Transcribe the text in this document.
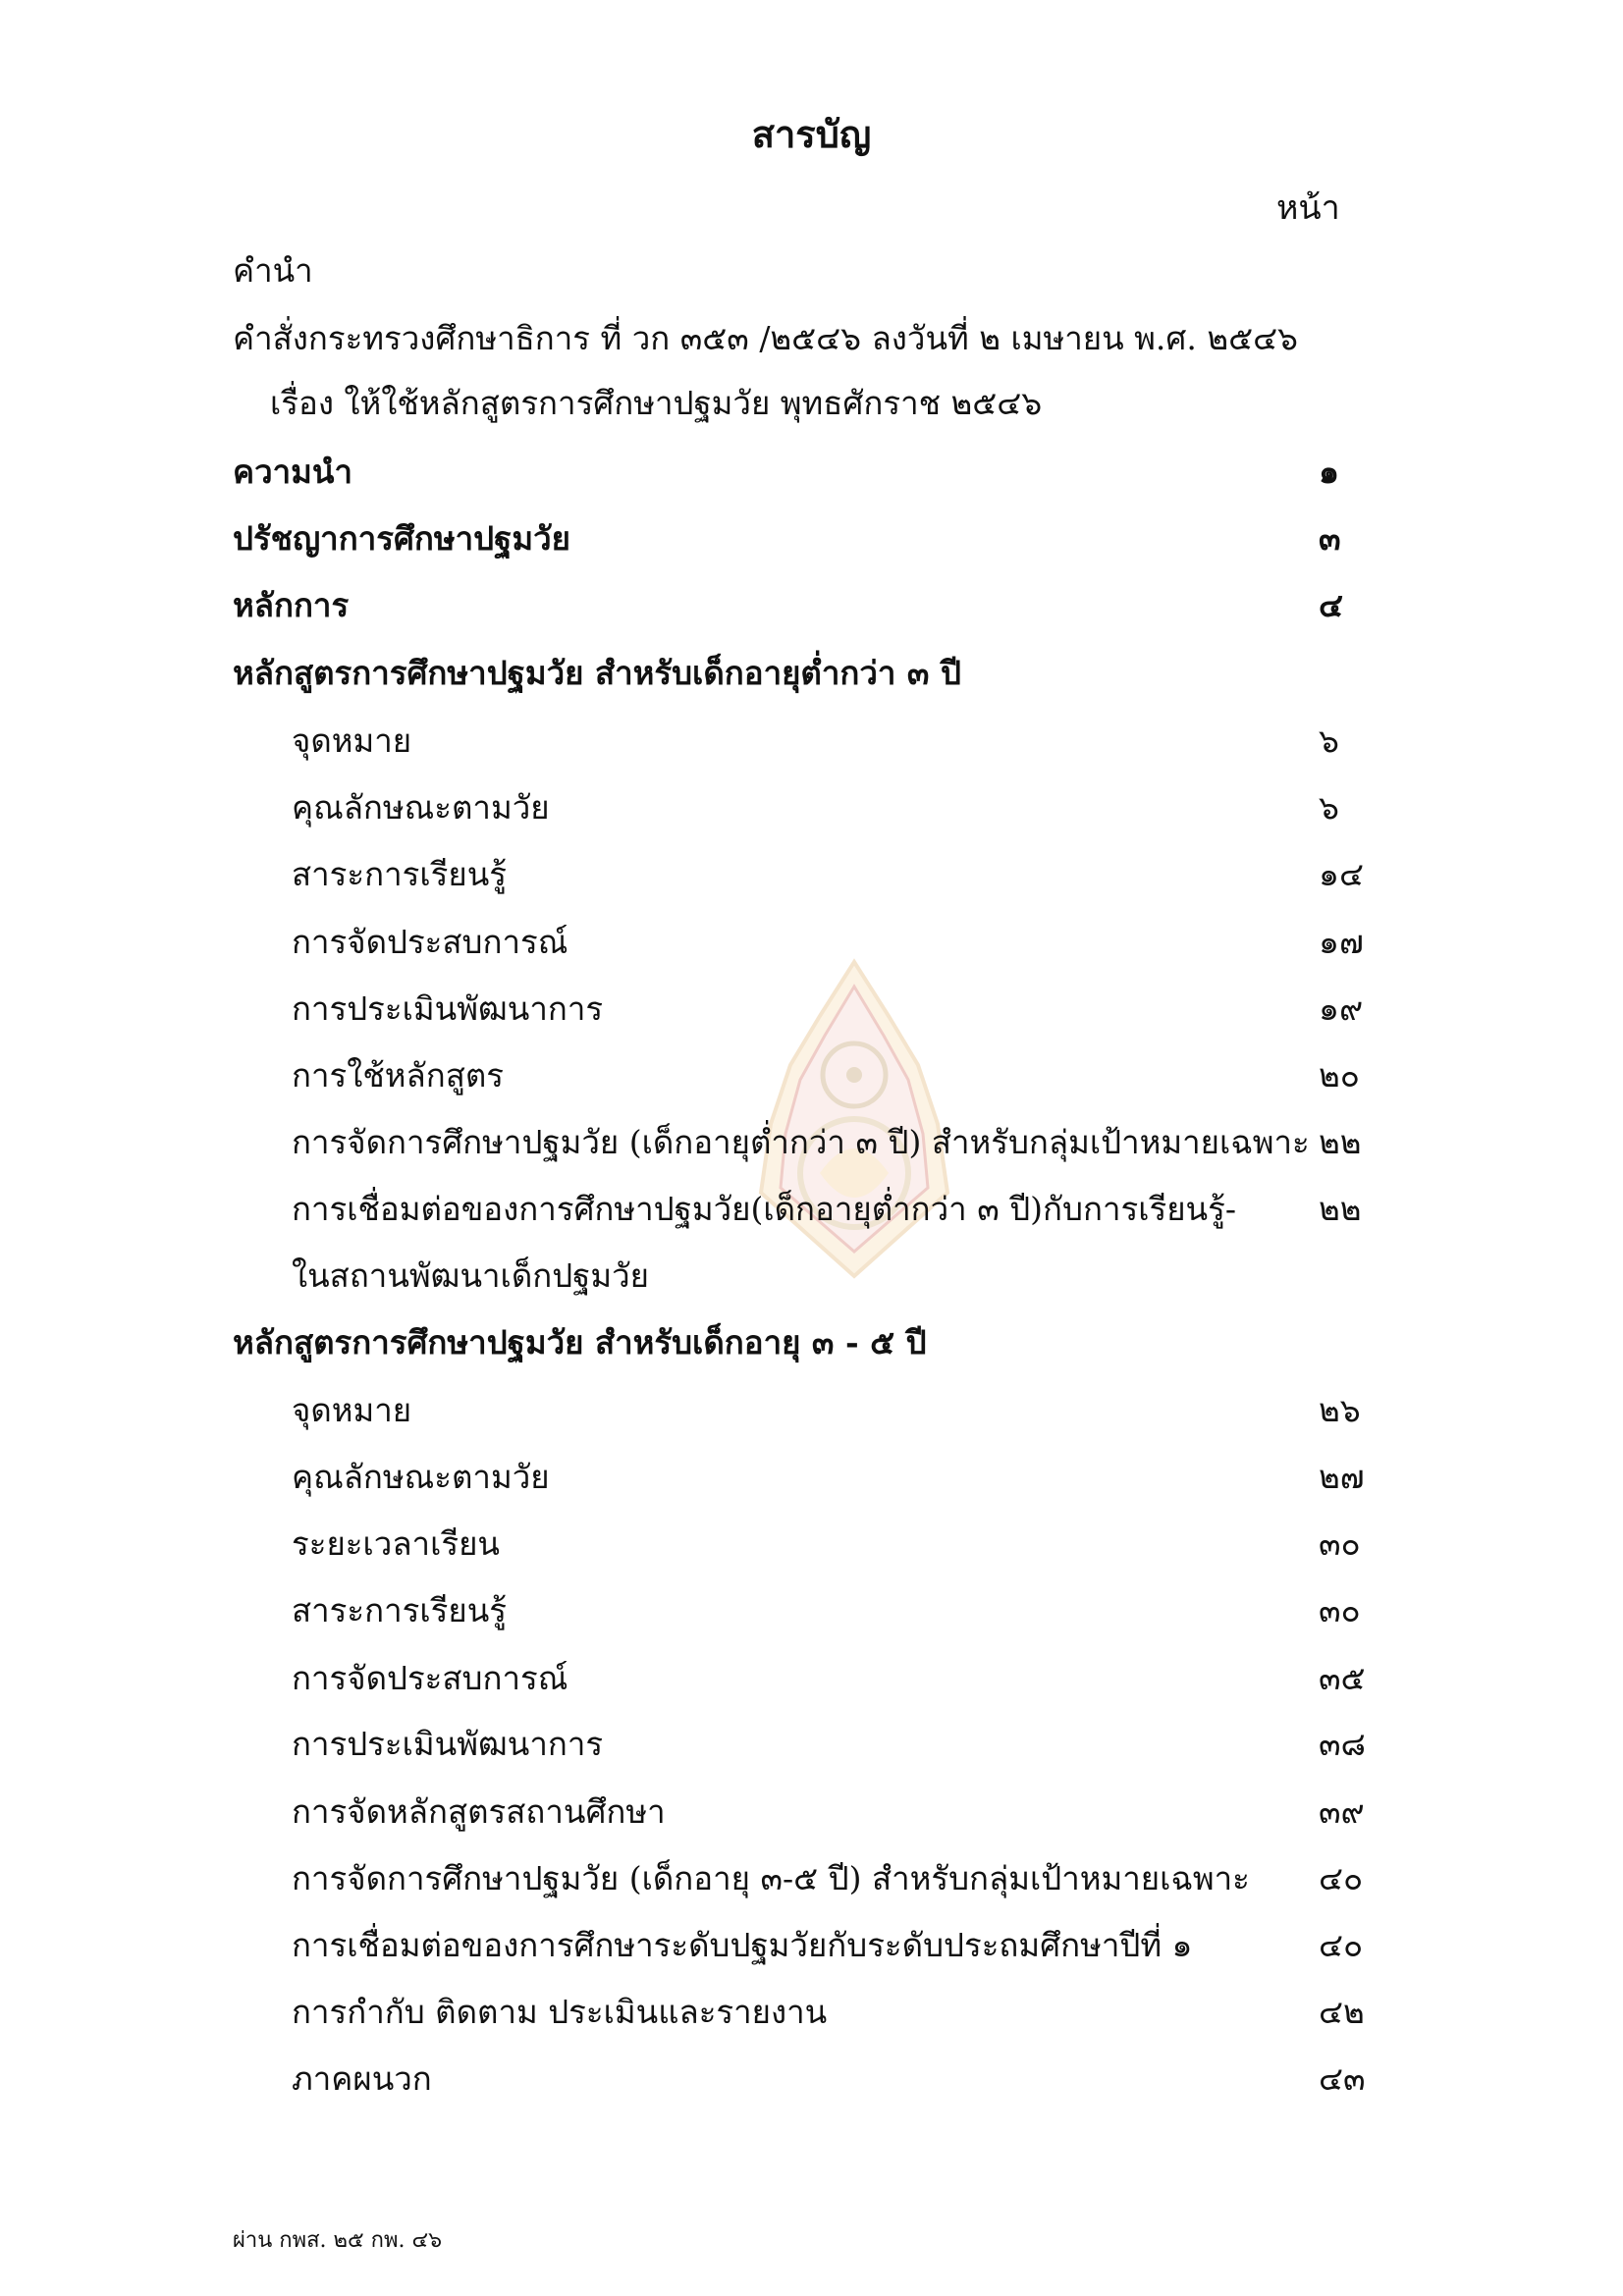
สารบัญ
หน้า
คำนำ
คำสั่งกระทรวงศึกษาธิการ ที่ วก ๓๕๓ /๒๕๔๖ ลงวันที่ ๒ เมษายน พ.ศ. ๒๕๔๖
เรื่อง ให้ใช้หลักสูตรการศึกษาปฐมวัย พุทธศักราช ๒๕๔๖
ความนำ	๑
ปรัชญาการศึกษาปฐมวัย	๓
หลักการ	๔
หลักสูตรการศึกษาปฐมวัย สำหรับเด็กอายุต่ำกว่า ๓ ปี
จุดหมาย	๖
คุณลักษณะตามวัย	๖
สาระการเรียนรู้	๑๔
การจัดประสบการณ์	๑๗
การประเมินพัฒนาการ	๑๙
การใช้หลักสูตร	๒๐
การจัดการศึกษาปฐมวัย (เด็กอายุต่ำกว่า ๓ ปี) สำหรับกลุ่มเป้าหมายเฉพาะ ๒๒
การเชื่อมต่อของการศึกษาปฐมวัย(เด็กอายุต่ำกว่า ๓ ปี)กับการเรียนรู้-	๒๒
ในสถานพัฒนาเด็กปฐมวัย
หลักสูตรการศึกษาปฐมวัย สำหรับเด็กอายุ ๓ - ๕ ปี
จุดหมาย	๒๖
คุณลักษณะตามวัย	๒๗
ระยะเวลาเรียน	๓๐
สาระการเรียนรู้	๓๐
การจัดประสบการณ์	๓๕
การประเมินพัฒนาการ	๓๘
การจัดหลักสูตรสถานศึกษา	๓๙
การจัดการศึกษาปฐมวัย (เด็กอายุ ๓-๕ ปี) สำหรับกลุ่มเป้าหมายเฉพาะ ๔๐
การเชื่อมต่อของการศึกษาระดับปฐมวัยกับระดับประถมศึกษาปีที่ ๑	๔๐
การกำกับ ติดตาม ประเมินและรายงาน	๔๒
ภาคผนวก	๔๓
ผ่าน กพส. ๒๕ กพ. ๔๖
